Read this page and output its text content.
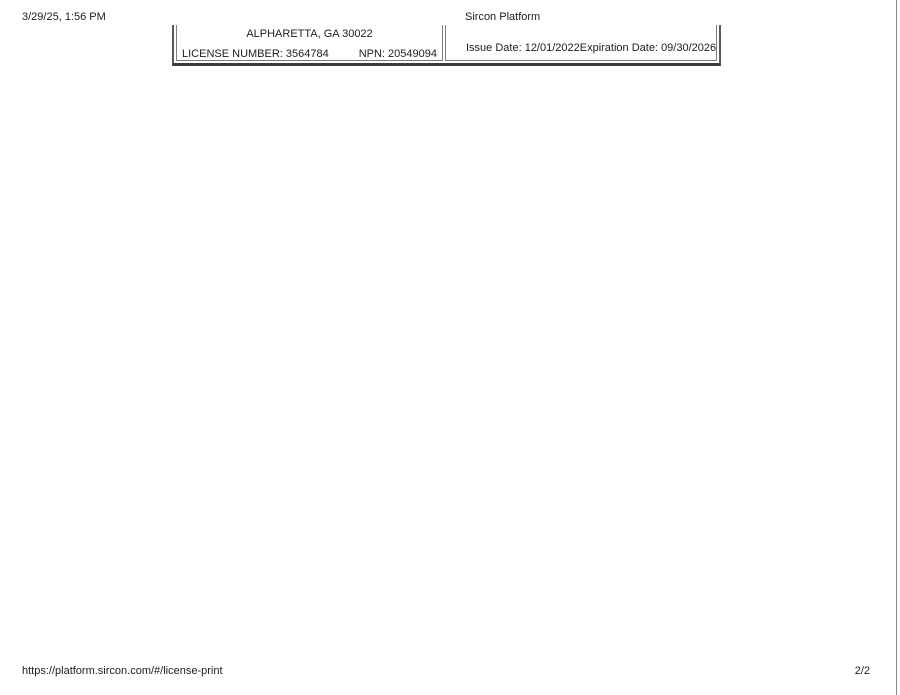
3/29/25, 1:56 PM	Sircon Platform
ALPHARETTA, GA 30022
LICENSE NUMBER: 3564784	NPN: 20549094	Issue Date: 12/01/2022 Expiration Date: 09/30/2026
https://platform.sircon.com/#/license-print	2/2
